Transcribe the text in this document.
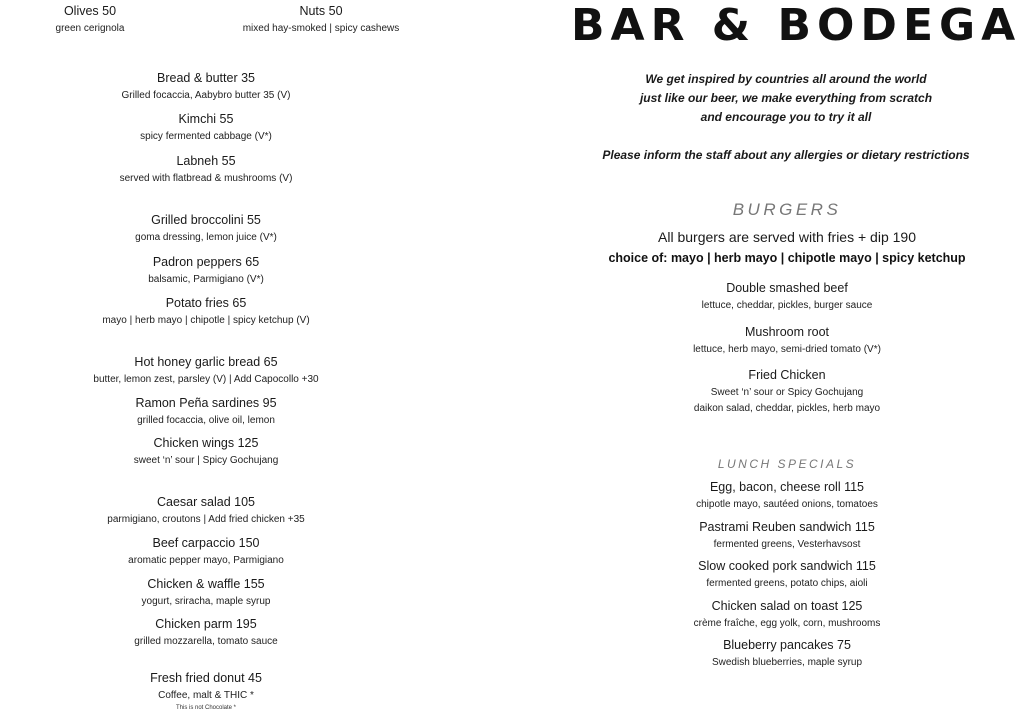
Olives 50
green cerignola
Nuts 50
mixed hay-smoked | spicy cashews
Bread & butter 35
Grilled focaccia, Aabybro butter 35 (V)
Kimchi 55
spicy fermented cabbage (V*)
Labneh 55
served with flatbread & mushrooms (V)
Grilled broccolini 55
goma dressing, lemon juice (V*)
Padron peppers 65
balsamic, Parmigiano (V*)
Potato fries 65
mayo | herb mayo | chipotle | spicy ketchup (V)
Hot honey garlic bread 65
butter, lemon zest, parsley (V) | Add Capocollo +30
Ramon Peña sardines 95
grilled focaccia, olive oil, lemon
Chicken wings 125
sweet ‘n’ sour | Spicy Gochujang
Caesar salad 105
parmigiano, croutons | Add fried chicken +35
Beef carpaccio 150
aromatic pepper mayo, Parmigiano
Chicken & waffle 155
yogurt, sriracha, maple syrup
Chicken parm 195
grilled mozzarella, tomato sauce
Fresh fried donut 45
Coffee, malt & THIC *
This is not Chocolate *
BAR & BODEGA
We get inspired by countries all around the world
just like our beer, we make everything from scratch
and encourage you to try it all
Please inform the staff about any allergies or dietary restrictions
BURGERS
All burgers are served with fries + dip 190
choice of: mayo | herb mayo | chipotle mayo | spicy ketchup
Double smashed beef
lettuce, cheddar, pickles, burger sauce
Mushroom root
lettuce, herb mayo, semi-dried tomato (V*)
Fried Chicken
Sweet ‘n’ sour or Spicy Gochujang
daikon salad, cheddar, pickles, herb mayo
LUNCH SPECIALS
Egg, bacon, cheese roll 115
chipotle mayo, sautéed onions, tomatoes
Pastrami Reuben sandwich 115
fermented greens, Vesterhavsost
Slow cooked pork sandwich 115
fermented greens, potato chips, aioli
Chicken salad on toast 125
crème fraîche, egg yolk, corn, mushrooms
Blueberry pancakes 75
Swedish blueberries, maple syrup
